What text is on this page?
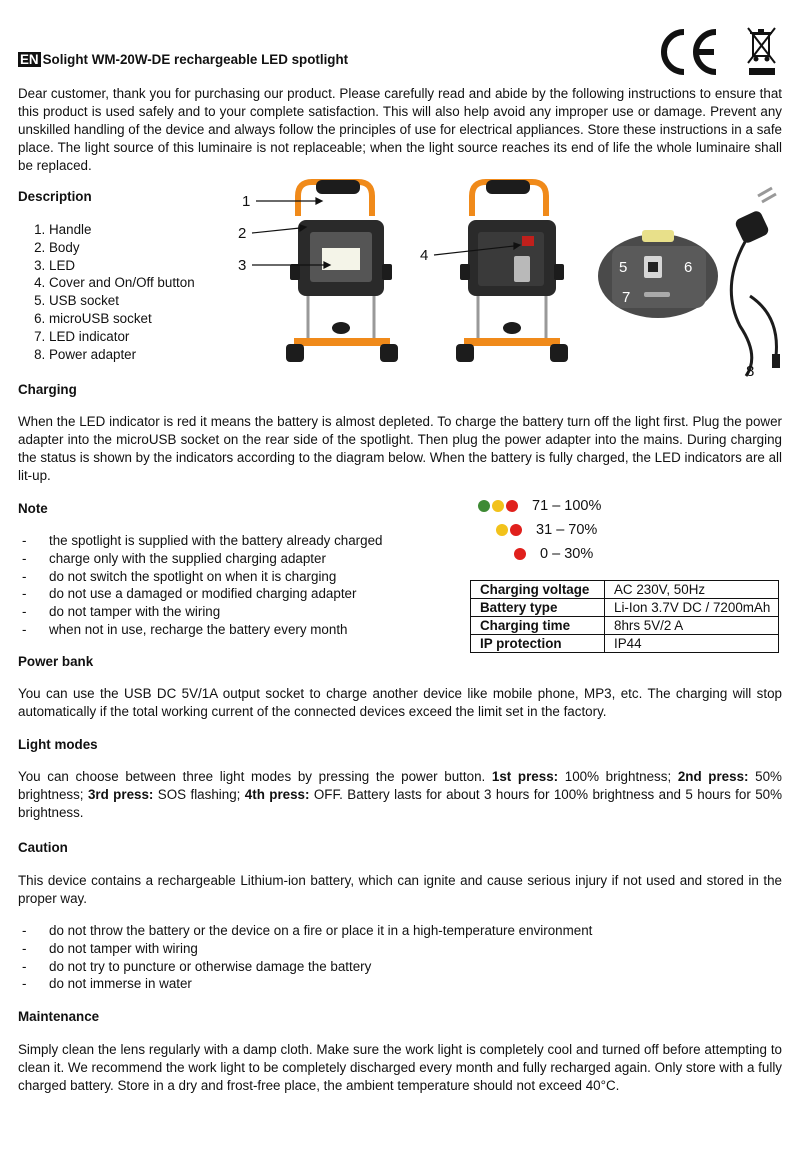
EN Solight WM-20W-DE rechargeable LED spotlight

Dear customer, thank you for purchasing our product. Please carefully read and abide by the following instructions to ensure that this product is used safely and to your complete satisfaction. This will also help avoid any improper use or damage. Prevent any unskilled handling of the device and always follow the principles of use for electrical appliances. Store these instructions in a safe place. The light source of this luminaire is not replaceable; when the light source reaches its end of life the whole luminaire shall be replaced.

Description
1. Handle
2. Body
3. LED
4. Cover and On/Off button
5. USB socket
6. microUSB socket
7. LED indicator
8. Power adapter
1
2
3
4
5	6
7
8
Charging

When the LED indicator is red it means the battery is almost depleted. To charge the battery turn off the light first. Plug the power adapter into the microUSB socket on the rear side of the spotlight. Then plug the power adapter into the mains. During charging the status is shown by the indicators according to the diagram below. When the battery is fully charged, the LED indicators are all lit-up.

Note
- the spotlight is supplied with the battery already charged
- charge only with the supplied charging adapter
- do not switch the spotlight on when it is charging
- do not use a damaged or modified charging adapter
- do not tamper with the wiring
- when not in use, recharge the battery every month
71 – 100%
31 – 70%
0 – 30%
Charging voltage	AC 230V, 50Hz
Battery type	Li-Ion 3.7V DC / 7200mAh
Charging time	8hrs 5V/2 A
IP protection	IP44
Power bank

You can use the USB DC 5V/1A output socket to charge another device like mobile phone, MP3, etc. The charging will stop automatically if the total working current of the connected devices exceed the limit set in the factory.

Light modes

You can choose between three light modes by pressing the power button. 1st press: 100% brightness; 2nd press: 50% brightness; 3rd press: SOS flashing; 4th press: OFF. Battery lasts for about 3 hours for 100% brightness and 5 hours for 50% brightness.

Caution

This device contains a rechargeable Lithium-ion battery, which can ignite and cause serious injury if not used and stored in the proper way.

- do not throw the battery or the device on a fire or place it in a high-temperature environment
- do not tamper with wiring
- do not try to puncture or otherwise damage the battery
- do not immerse in water
Maintenance

Simply clean the lens regularly with a damp cloth. Make sure the work light is completely cool and turned off before attempting to clean it. We recommend the work light to be completely discharged every month and fully recharged again. Only store with a fully charged battery. Store in a dry and frost-free place, the ambient temperature should not exceed 40°C.
